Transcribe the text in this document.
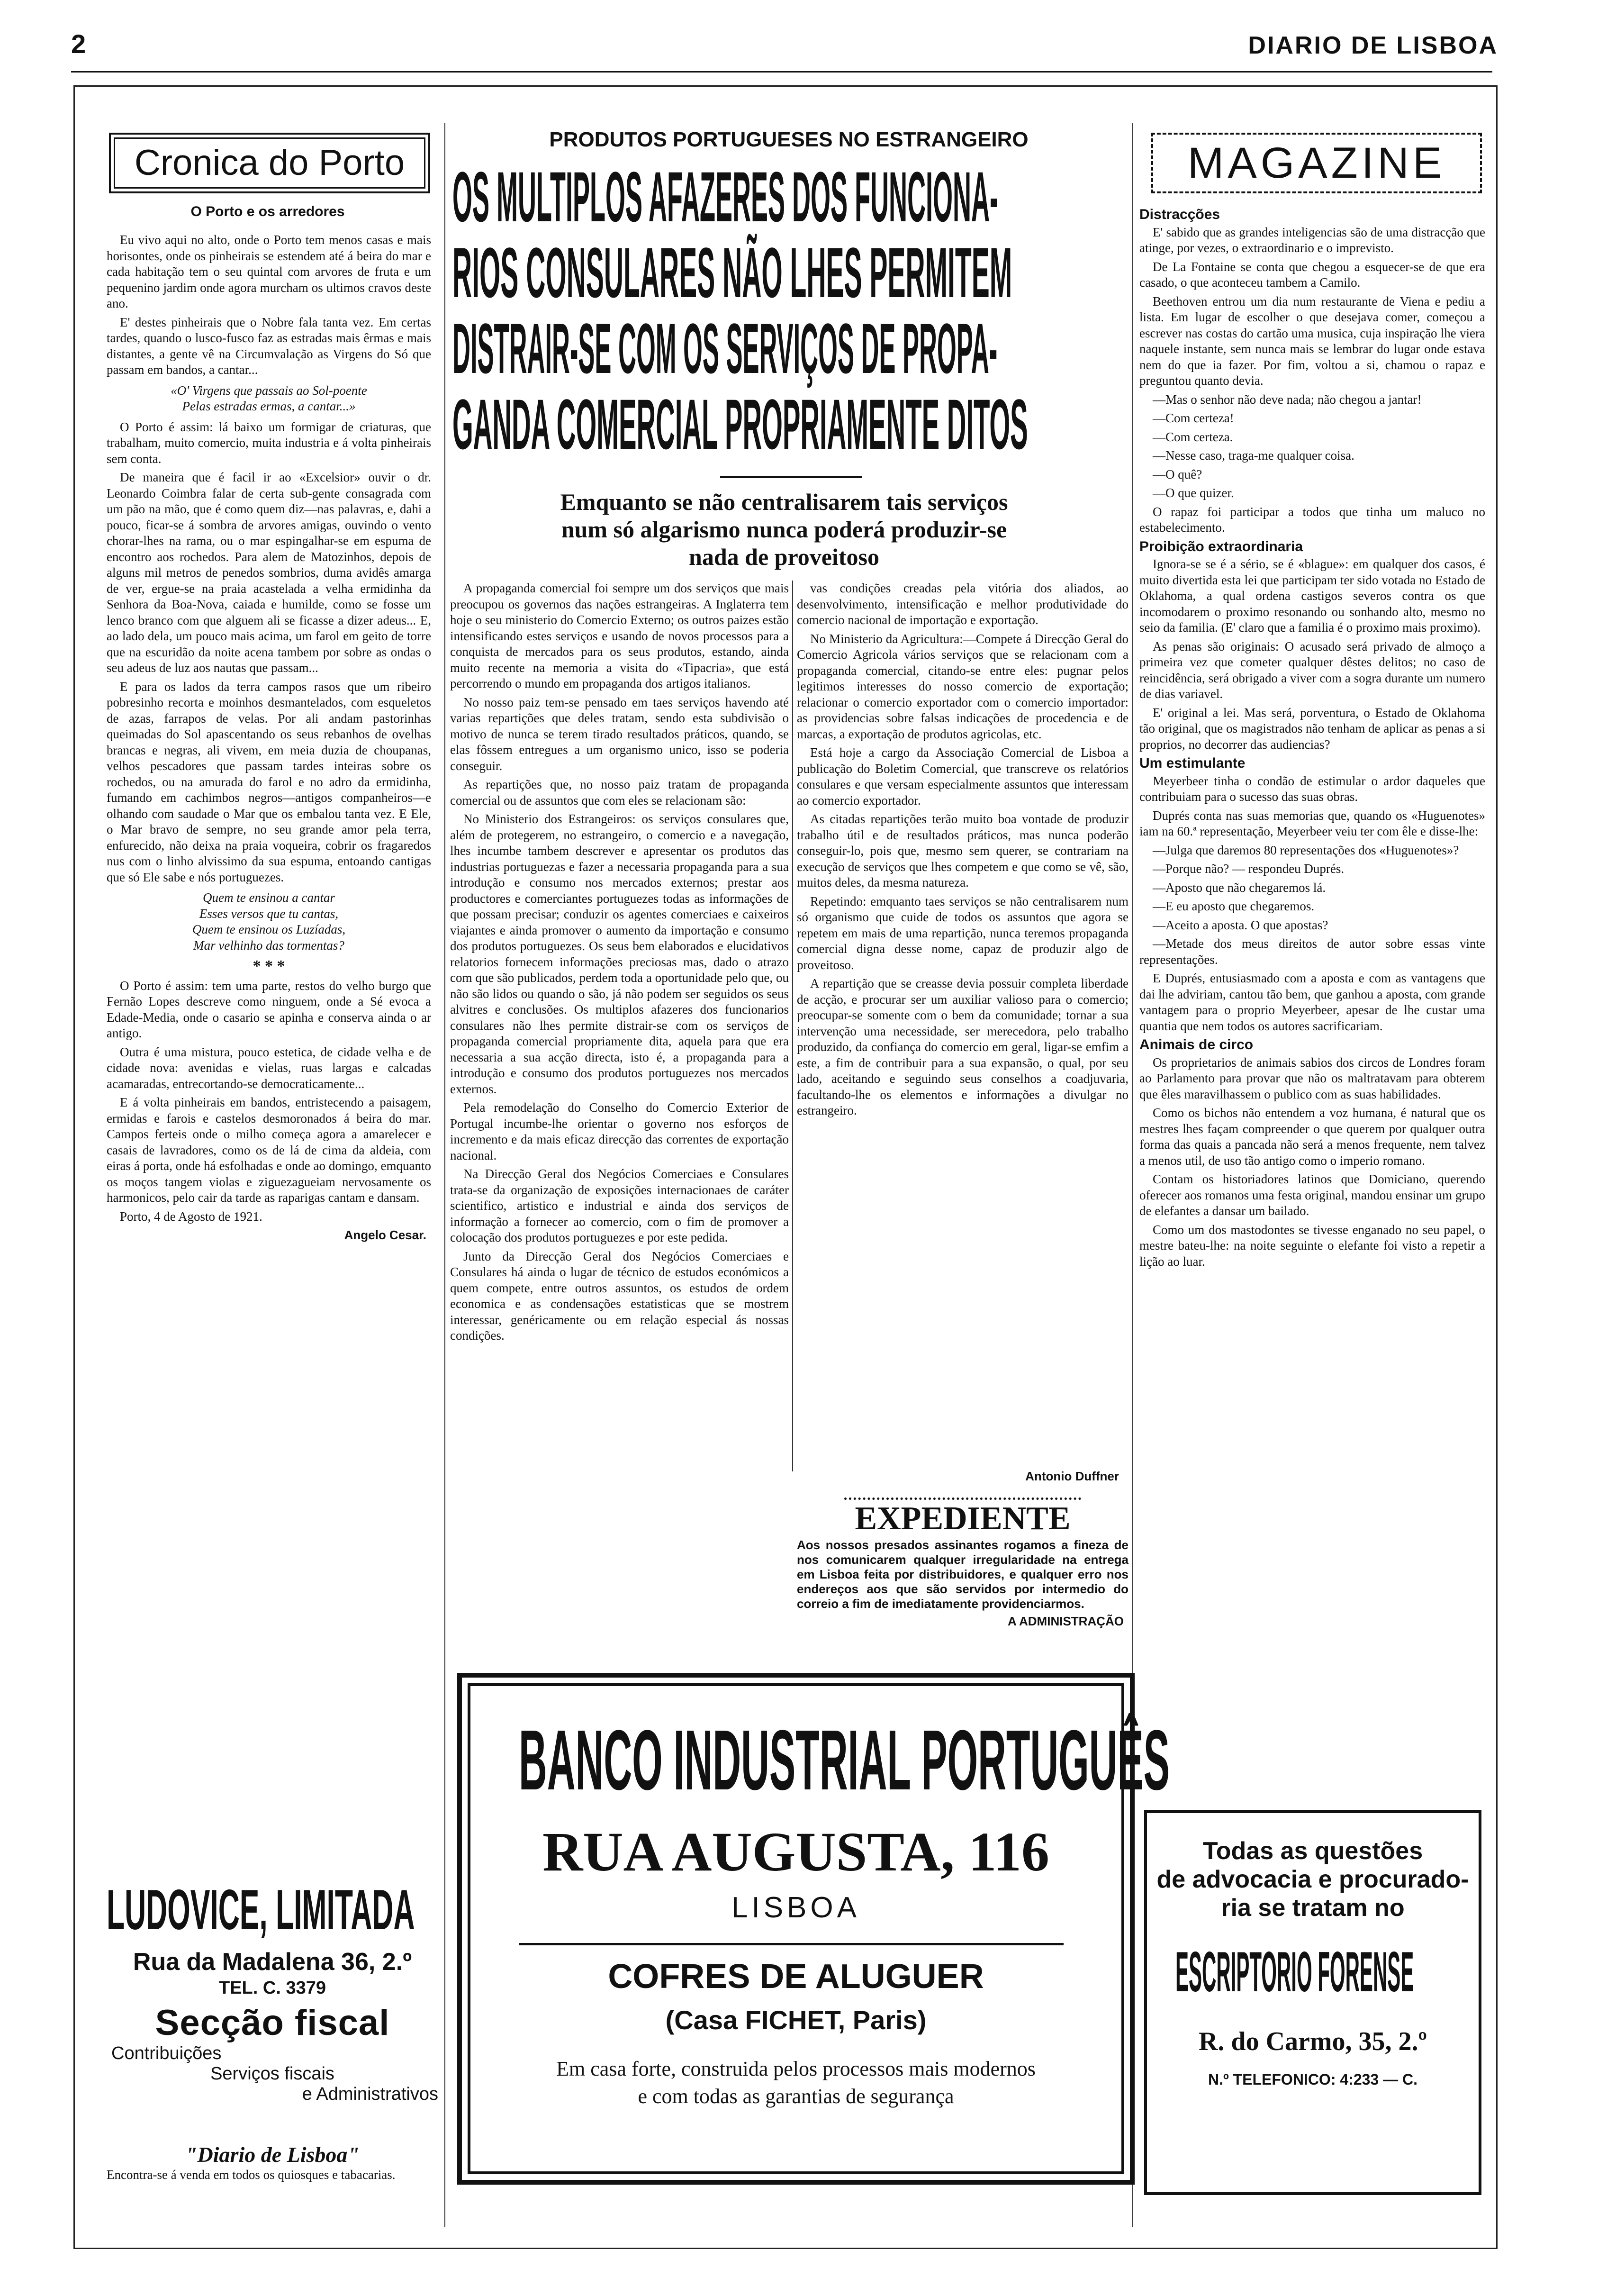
2	DIARIO DE LISBOA
Cronica do Porto
O Porto e os arredores

Eu vivo aqui no alto, onde o Porto tem menos casas e mais horisontes, onde os pinheirais se estendem até á beira do mar e cada habitação tem o seu quintal com arvores de fruta e um pequenino jardim onde agora murcham os ultimos cravos deste ano.

E' destes pinheirais que o Nobre fala tanta vez. Em certas tardes, quando o lusco-fusco faz as estradas mais êrmas e mais distantes, a gente vê na Circumvalação as Virgens do Só que passam em bandos, a cantar...

«O' Virgens que passais ao Sol-poente
Pelas estradas ermas, a cantar...»

O Porto é assim: lá baixo um formigar de criaturas, que trabalham, muito comercio, muita industria e á volta pinheirais sem conta.

De maneira que é facil ir ao «Excelsior» ouvir o dr. Leonardo Coimbra falar de certa sub-gente consagrada com um pão na mão, que é como quem diz—nas palavras, e, dahi a pouco, ficar-se á sombra de arvores amigas, ouvindo o vento chorar-lhes na rama, ou o mar espingalhar-se em espuma de encontro aos rochedos. Para alem de Matozinhos, depois de alguns mil metros de penedos sombrios, duma avidês amarga de ver, ergue-se na praia acastelada a velha ermidinha da Senhora da Boa-Nova, caiada e humilde, como se fosse um lenco branco com que alguem ali se ficasse a dizer adeus... E, ao lado dela, um pouco mais acima, um farol em geito de torre que na escuridão da noite acena tambem por sobre as ondas o seu adeus de luz aos nautas que passam...

E para os lados da terra campos rasos que um ribeiro pobresinho recorta e moinhos desmantelados, com esqueletos de azas, farrapos de velas. Por ali andam pastorinhas queimadas do Sol apascentando os seus rebanhos de ovelhas brancas e negras, ali vivem, em meia duzia de choupanas, velhos pescadores que passam tardes inteiras sobre os rochedos, ou na amurada do farol e no adro da ermidinha, fumando em cachimbos negros—antigos companheiros—e olhando com saudade o Mar que os embalou tanta vez. E Ele, o Mar bravo de sempre, no seu grande amor pela terra, enfurecido, não deixa na praia voqueira, cobrir os fragaredos nus com o linho alvissimo da sua espuma, entoando cantigas que só Ele sabe e nós portuguezes.

Quem te ensinou a cantar
Esses versos que tu cantas,
Quem te ensinou os Luzíadas,
Mar velhinho das tormentas?
* * *

O Porto é assim: tem uma parte, restos do velho burgo que Fernão Lopes descreve como ninguem, onde a Sé evoca a Edade-Media, onde o casario se apinha e conserva ainda o ar antigo.

Outra é uma mistura, pouco estetica, de cidade velha e de cidade nova: avenidas e vielas, ruas largas e calcadas acamaradas, entrecortando-se democraticamente...

E á volta pinheirais em bandos, entristecendo a paisagem, ermidas e farois e castelos desmoronados á beira do mar. Campos ferteis onde o milho começa agora a amarelecer e casais de lavradores, como os de lá de cima da aldeia, com eiras á porta, onde há esfolhadas e onde ao domingo, emquanto os moços tangem violas e ziguezagueiam nervosamente os harmonicos, pelo cair da tarde as raparigas cantam e dansam.

Porto, 4 de Agosto de 1921.

Angelo Cesar.
LUDOVICE, LIMITADA
Rua da Madalena 36, 2.º
TEL. C. 3379
Secção fiscal
Contribuições
Serviços fiscais
e Administrativos
"Diario de Lisboa"
Encontra-se á venda em todos os quiosques e tabacarias.
PRODUTOS PORTUGUESES NO ESTRANGEIRO
OS MULTIPLOS AFAZERES DOS FUNCIONA-
RIOS CONSULARES NÃO LHES PERMITEM
DISTRAIR-SE COM OS SERVIÇOS DE PROPA-
GANDA COMERCIAL PROPRIAMENTE DITOS
Emquanto se não centralisarem tais serviços num só algarismo nunca poderá produzir-se nada de proveitoso

A propaganda comercial foi sempre um dos serviços que mais preocupou os governos das nações estrangeiras. A Inglaterra tem hoje o seu ministerio do Comercio Externo; os outros paizes estão intensificando estes serviços e usando de novos processos para a conquista de mercados para os seus produtos, estando, ainda muito recente na memoria a visita do «Tipacria», que está percorrendo o mundo em propaganda dos artigos italianos.

No nosso paiz tem-se pensado em taes serviços havendo até varias repartições que deles tratam, sendo esta subdivisão o motivo de nunca se terem tirado resultados práticos, quando, se elas fôssem entregues a um organismo unico, isso se poderia conseguir.

As repartições que, no nosso paiz tratam de propaganda comercial ou de assuntos que com eles se relacionam são:

No Ministerio dos Estrangeiros: os serviços consulares que, além de protegerem, no estrangeiro, o comercio e a navegação, lhes incumbe tambem descrever e apresentar os produtos das industrias portuguezas e fazer a necessaria propaganda para a sua introdução e consumo nos mercados externos; prestar aos productores e comerciantes portuguezes todas as informações de que possam precisar; conduzir os agentes comerciaes e caixeiros viajantes e ainda promover o aumento da importação e consumo dos produtos portuguezes. Os seus bem elaborados e elucidativos relatorios fornecem informações preciosas mas, dado o atrazo com que são publicados, perdem toda a oportunidade pelo que, ou não são lidos ou quando o são, já não podem ser seguidos os seus alvitres e conclusões. Os multiplos afazeres dos funcionarios consulares não lhes permite distrair-se com os serviços de propaganda comercial propriamente dita, aquela para que era necessaria a sua acção directa, isto é, a propaganda para a introdução e consumo dos produtos portuguezes nos mercados externos.

Pela remodelação do Conselho do Comercio Exterior de Portugal incumbe-lhe orientar o governo nos esforços de incremento e da mais eficaz direcção das correntes de exportação nacional.

Na Direcção Geral dos Negócios Comerciaes e Consulares trata-se da organização de exposições internacionaes de caráter scientifico, artistico e industrial e ainda dos serviços de informação a fornecer ao comercio, com o fim de promover a colocação dos produtos portuguezes e por este pedida.

Junto da Direcção Geral dos Negócios Comerciaes e Consulares há ainda o lugar de técnico de estudos económicos a quem compete, entre outros assuntos, os estudos de ordem economica e as condensações estatisticas que se mostrem interessar, genéricamente ou em relação especial ás nossas condições.

vas condições creadas pela vitória dos aliados, ao desenvolvimento, intensificação e melhor produtividade do comercio nacional de importação e exportação.

No Ministerio da Agricultura:—Compete á Direcção Geral do Comercio Agricola vários serviços que se relacionam com a propaganda comercial, citando-se entre eles: pugnar pelos legitimos interesses do nosso comercio de exportação; relacionar o comercio exportador com o comercio importador: as providencias sobre falsas indicações de procedencia e de marcas, a exportação de produtos agricolas, etc.

Está hoje a cargo da Associação Comercial de Lisboa a publicação do Boletim Comercial, que transcreve os relatórios consulares e que versam especialmente assuntos que interessam ao comercio exportador.

As citadas repartições terão muito boa vontade de produzir trabalho útil e de resultados práticos, mas nunca poderão conseguir-lo, pois que, mesmo sem querer, se contrariam na execução de serviços que lhes competem e que como se vê, são, muitos deles, da mesma natureza.

Repetindo: emquanto taes serviços se não centralisarem num só organismo que cuide de todos os assuntos que agora se repetem em mais de uma repartição, nunca teremos propaganda comercial digna desse nome, capaz de produzir algo de proveitoso.

A repartição que se creasse devia possuir completa liberdade de acção, e procurar ser um auxiliar valioso para o comercio; preocupar-se somente com o bem da comunidade; tornar a sua intervenção uma necessidade, ser merecedora, pelo trabalho produzido, da confiança do comercio em geral, ligar-se emfim a este, a fim de contribuir para a sua expansão, o qual, por seu lado, aceitando e seguindo seus conselhos a coadjuvaria, facultando-lhe os elementos e informações a divulgar no estrangeiro.

Antonio Duffner
EXPEDIENTE
Aos nossos presados assinantes rogamos a fineza de nos comunicarem qualquer irregularidade na entrega em Lisboa feita por distribuidores, e qualquer erro nos endereços aos que são servidos por intermedio do correio a fim de imediatamente providenciarmos.
A ADMINISTRAÇÃO
BANCO INDUSTRIAL PORTUGUÊS
RUA AUGUSTA, 116
LISBOA
COFRES DE ALUGUER
(Casa FICHET, Paris)
Em casa forte, construida pelos processos mais modernos
e com todas as garantias de segurança
MAGAZINE
Distracções

E' sabido que as grandes inteligencias são de uma distracção que atinge, por vezes, o extraordinario e o imprevisto.

De La Fontaine se conta que chegou a esquecer-se de que era casado, o que aconteceu tambem a Camilo.

Beethoven entrou um dia num restaurante de Viena e pediu a lista. Em lugar de escolher o que desejava comer, começou a escrever nas costas do cartão uma musica, cuja inspiração lhe viera naquele instante, sem nunca mais se lembrar do lugar onde estava nem do que ia fazer. Por fim, voltou a si, chamou o rapaz e preguntou quanto devia.

—Mas o senhor não deve nada; não chegou a jantar!

—Com certeza!

—Com certeza.

—Nesse caso, traga-me qualquer coisa.

—O quê?

—O que quizer.

O rapaz foi participar a todos que tinha um maluco no estabelecimento.

Proibição extraordinaria

Ignora-se se é a sério, se é «blague»: em qualquer dos casos, é muito divertida esta lei que participam ter sido votada no Estado de Oklahoma, a qual ordena castigos severos contra os que incomodarem o proximo resonando ou sonhando alto, mesmo no seio da familia. (E' claro que a familia é o proximo mais proximo).

As penas são originais: O acusado será privado de almoço a primeira vez que cometer qualquer dêstes delitos; no caso de reincidência, será obrigado a viver com a sogra durante um numero de dias variavel.

E' original a lei. Mas será, porventura, o Estado de Oklahoma tão original, que os magistrados não tenham de aplicar as penas a si proprios, no decorrer das audiencias?

Um estimulante

Meyerbeer tinha o condão de estimular o ardor daqueles que contribuiam para o sucesso das suas obras.

Duprés conta nas suas memorias que, quando os «Huguenotes» iam na 60.ª representação, Meyerbeer veiu ter com êle e disse-lhe:

—Julga que daremos 80 representações dos «Huguenotes»?

—Porque não? — respondeu Duprés.

—Aposto que não chegaremos lá.

—E eu aposto que chegaremos.

—Aceito a aposta. O que apostas?

—Metade dos meus direitos de autor sobre essas vinte representações.

E Duprés, entusiasmado com a aposta e com as vantagens que dai lhe adviriam, cantou tão bem, que ganhou a aposta, com grande vantagem para o proprio Meyerbeer, apesar de lhe custar uma quantia que nem todos os autores sacrificariam.

Animais de circo

Os proprietarios de animais sabios dos circos de Londres foram ao Parlamento para provar que não os maltratavam para obterem que êles maravilhassem o publico com as suas habilidades.

Como os bichos não entendem a voz humana, é natural que os mestres lhes façam compreender o que querem por qualquer outra forma das quais a pancada não será a menos frequente, nem talvez a menos util, de uso tão antigo como o imperio romano.

Contam os historiadores latinos que Domiciano, querendo oferecer aos romanos uma festa original, mandou ensinar um grupo de elefantes a dansar um bailado.

Como um dos mastodontes se tivesse enganado no seu papel, o mestre bateu-lhe: na noite seguinte o elefante foi visto a repetir a lição ao luar.

Todas as questões
de advocacia e procurado-
ria se tratam no
ESCRIPTORIO FORENSE
R. do Carmo, 35, 2.º
N.º TELEFONICO: 4:233 — C.
